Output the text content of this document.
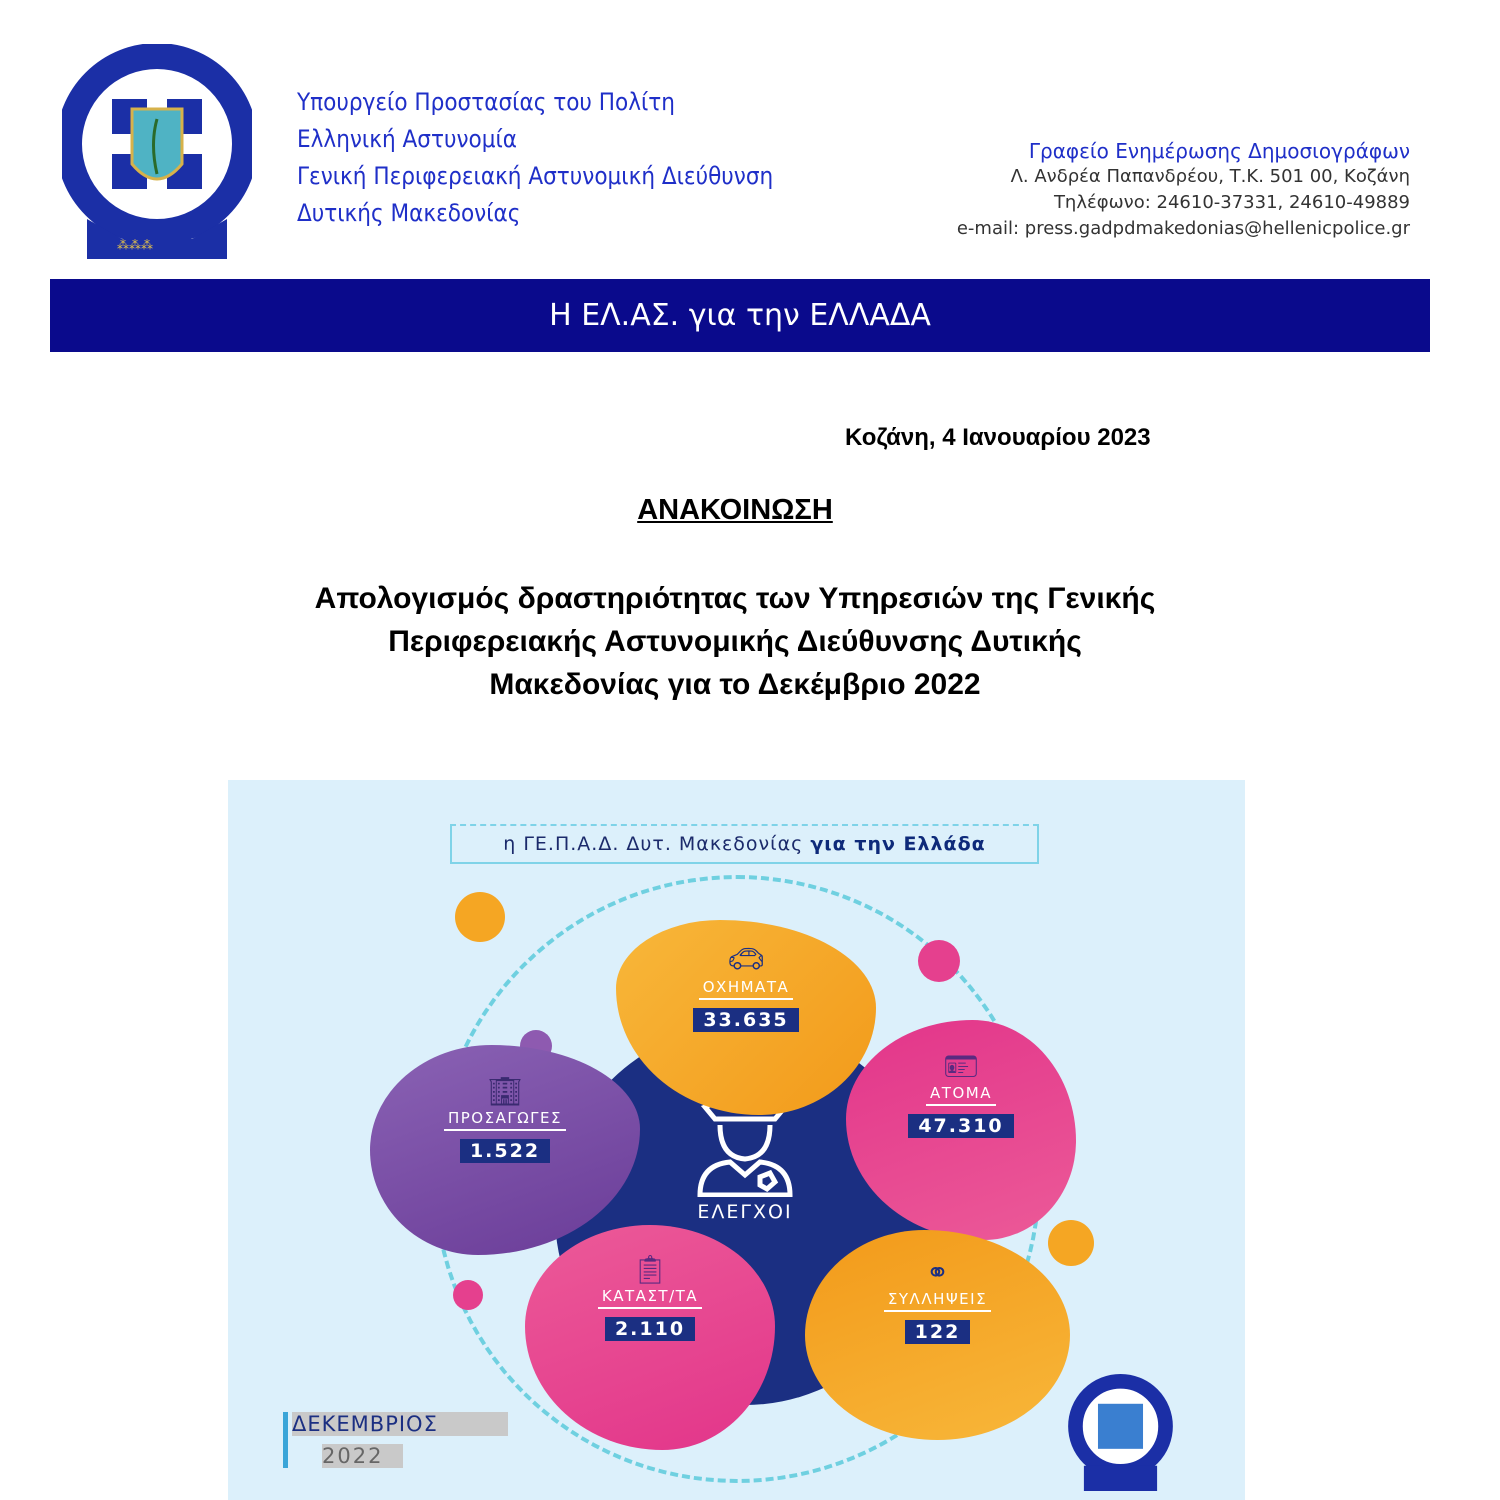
⁂⁂⁂
Υπουργείο Προστασίας του Πολίτη
Ελληνική Αστυνομία
Γενική Περιφερειακή Αστυνομική Διεύθυνση
Δυτικής Μακεδονίας
Γραφείο Ενημέρωσης Δημοσιογράφων
Λ. Ανδρέα Παπανδρέου, Τ.Κ. 501 00, Κοζάνη
Τηλέφωνο: 24610-37331, 24610-49889
e-mail: press.gadpdmakedonias@hellenicpolice.gr
Η ΕΛ.ΑΣ. για την ΕΛΛΑΔΑ
Κοζάνη, 4 Ιανουαρίου 2023
ΑΝΑΚΟΙΝΩΣΗ
Απολογισμός δραστηριότητας των Υπηρεσιών της Γενικής
Περιφερειακής Αστυνομικής Διεύθυνσης Δυτικής
Μακεδονίας για το Δεκέμβριο 2022
η ΓΕ.Π.Α.Δ. Δυτ. Μακεδονίας για την Ελλάδα
ΕΛΕΓΧΟΙ
🚗︎
ΟΧΗΜΑΤΑ
33.635
🪪︎
ΑΤΟΜΑ
47.310
🏢︎
ΠΡΟΣΑΓΩΓΕΣ
1.522
📋︎
ΚΑΤΑΣΤ/ΤΑ
2.110
⚭
ΣΥΛΛΗΨΕΙΣ
122
ΔΕΚΕΜΒΡΙΟΣ
2022
